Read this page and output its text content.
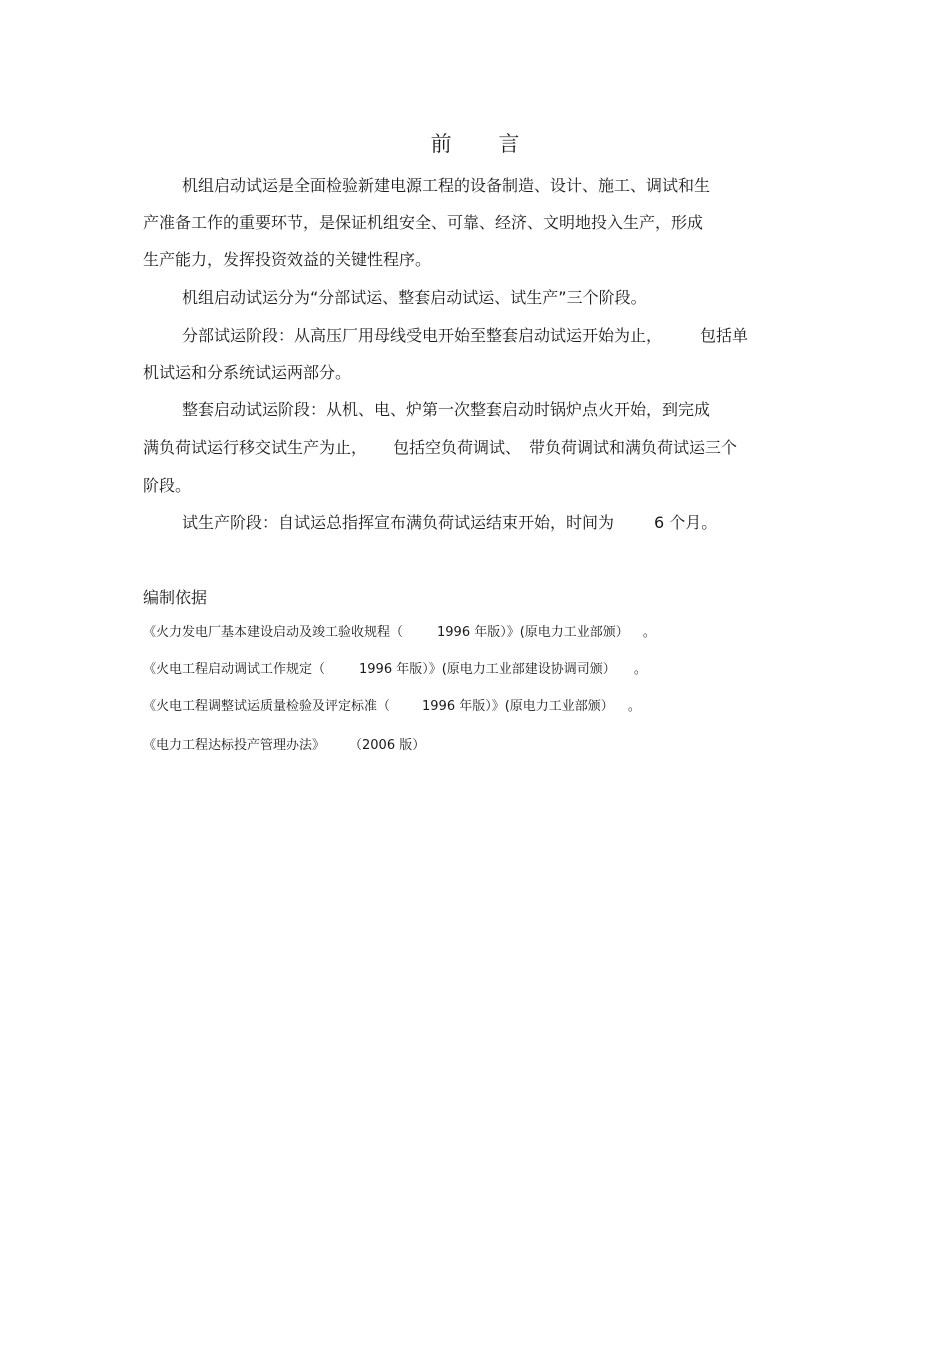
前 言
机组启动试运是全面检验新建电源工程的设备制造、设计、施工、调试和生
产准备工作的重要环节，是保证机组安全、可靠、经济、文明地投入生产，形成
生产能力，发挥投资效益的关键性程序。
机组启动试运分为“分部试运、整套启动试运、试生产”三个阶段。
分部试运阶段：从高压厂用母线受电开始至整套启动试运开始为止， 包括单
机试运和分系统试运两部分。
整套启动试运阶段：从机、电、炉第一次整套启动时锅炉点火开始，到完成
满负荷试运行移交试生产为止， 包括空负荷调试、 带负荷调试和满负荷试运三个
阶段。
试生产阶段：自试运总指挥宣布满负荷试运结束开始，时间为	6 个月。
编制依据
《火力发电厂基本建设启动及竣工验收规程（	1996 年版）》(原电力工业部颁） 。
《火电工程启动调试工作规定（	1996 年版）》(原电力工业部建设协调司颁） 。
《火电工程调整试运质量检验及评定标准（ 1996 年版）》(原电力工业部颁） 。
《电力工程达标投产管理办法》 （2006 版）
